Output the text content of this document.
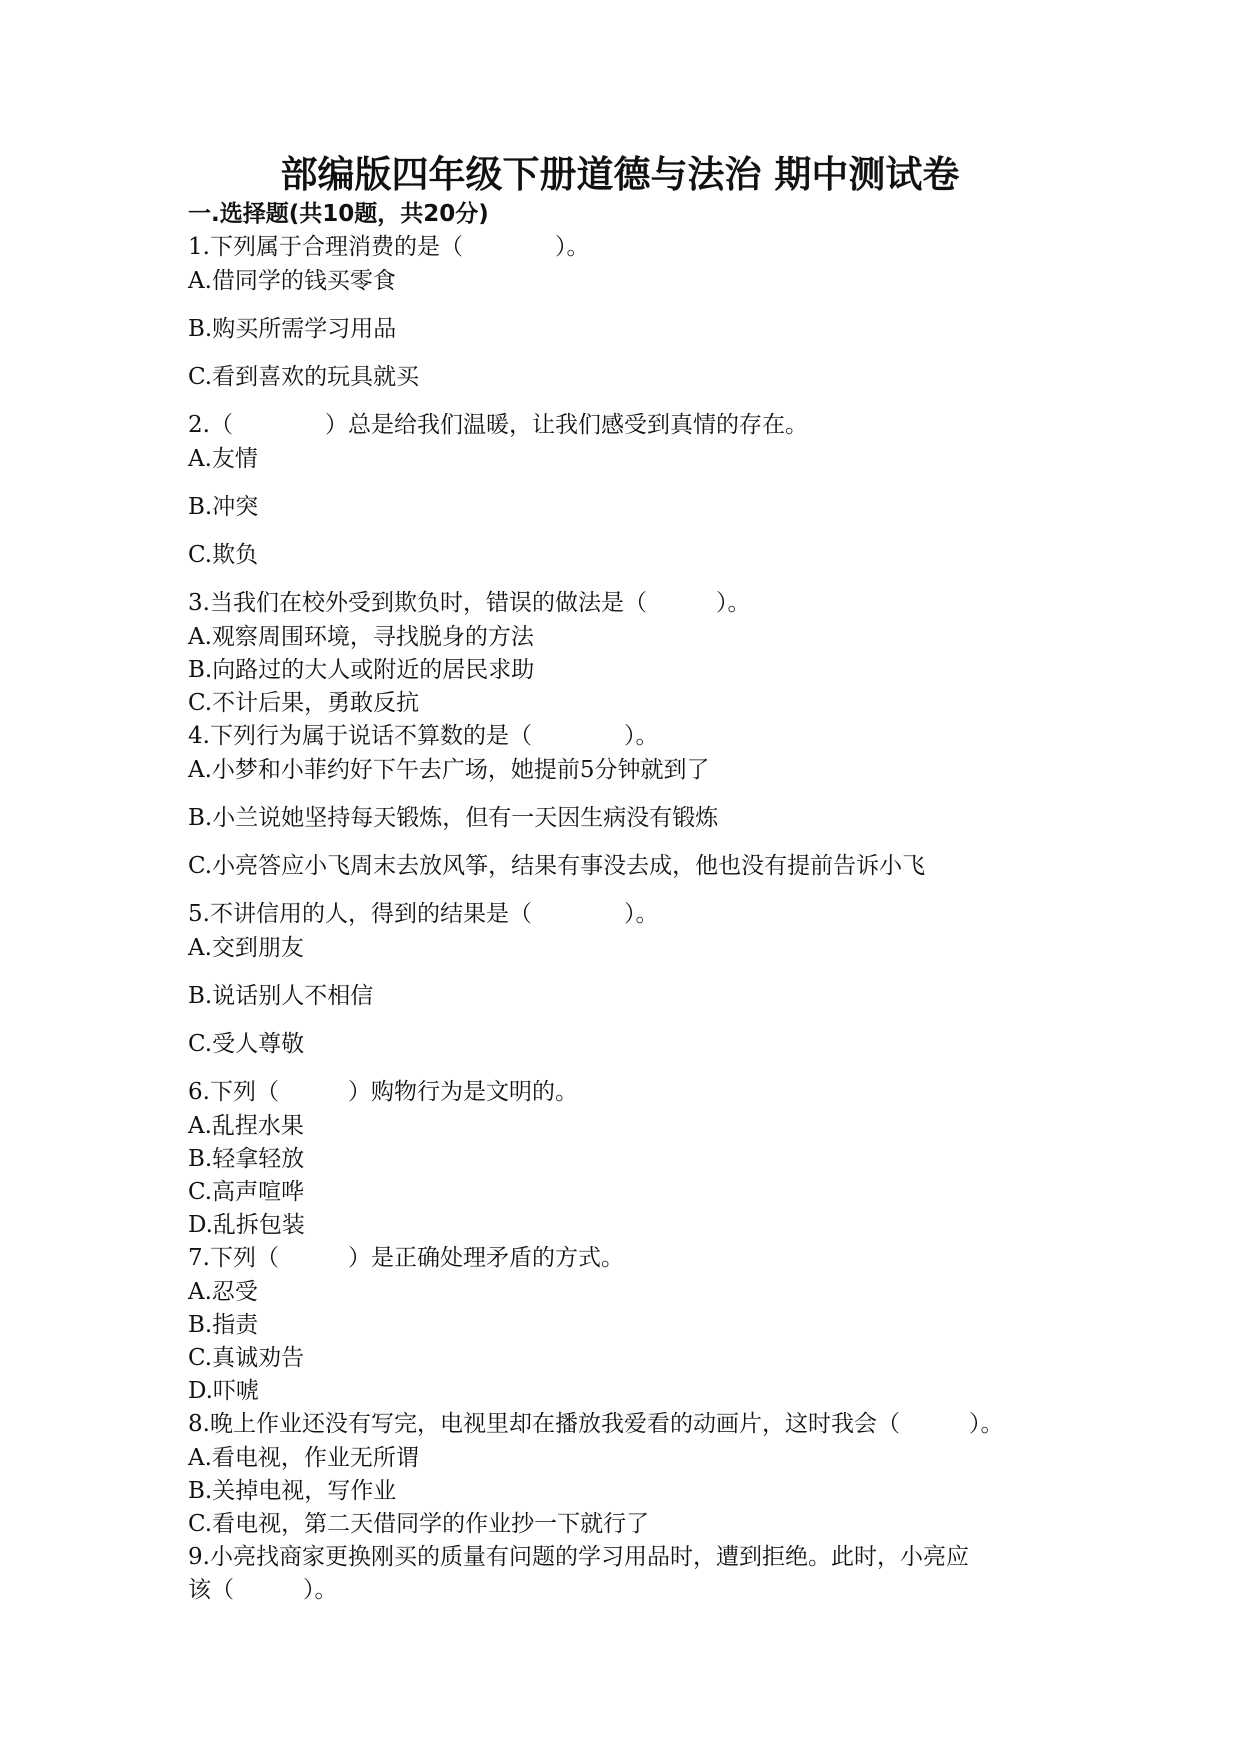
部编版四年级下册道德与法治 期中测试卷
一.选择题(共10题，共20分)
1.下列属于合理消费的是（　　　　）。
A.借同学的钱买零食
B.购买所需学习用品
C.看到喜欢的玩具就买
2.（　　　　）总是给我们温暖，让我们感受到真情的存在。
A.友情
B.冲突
C.欺负
3.当我们在校外受到欺负时，错误的做法是（　　　）。
A.观察周围环境，寻找脱身的方法
B.向路过的大人或附近的居民求助
C.不计后果，勇敢反抗
4.下列行为属于说话不算数的是（　　　　）。
A.小梦和小菲约好下午去广场，她提前5分钟就到了
B.小兰说她坚持每天锻炼，但有一天因生病没有锻炼
C.小亮答应小飞周末去放风筝，结果有事没去成，他也没有提前告诉小飞
5.不讲信用的人，得到的结果是（　　　　）。
A.交到朋友
B.说话别人不相信
C.受人尊敬
6.下列（　　　）购物行为是文明的。
A.乱捏水果
B.轻拿轻放
C.高声喧哗
D.乱拆包装
7.下列（　　　）是正确处理矛盾的方式。
A.忍受
B.指责
C.真诚劝告
D.吓唬
8.晚上作业还没有写完，电视里却在播放我爱看的动画片，这时我会（　　　）。
A.看电视，作业无所谓
B.关掉电视，写作业
C.看电视，第二天借同学的作业抄一下就行了
9.小亮找商家更换刚买的质量有问题的学习用品时，遭到拒绝。此时，小亮应
该（　　　）。
